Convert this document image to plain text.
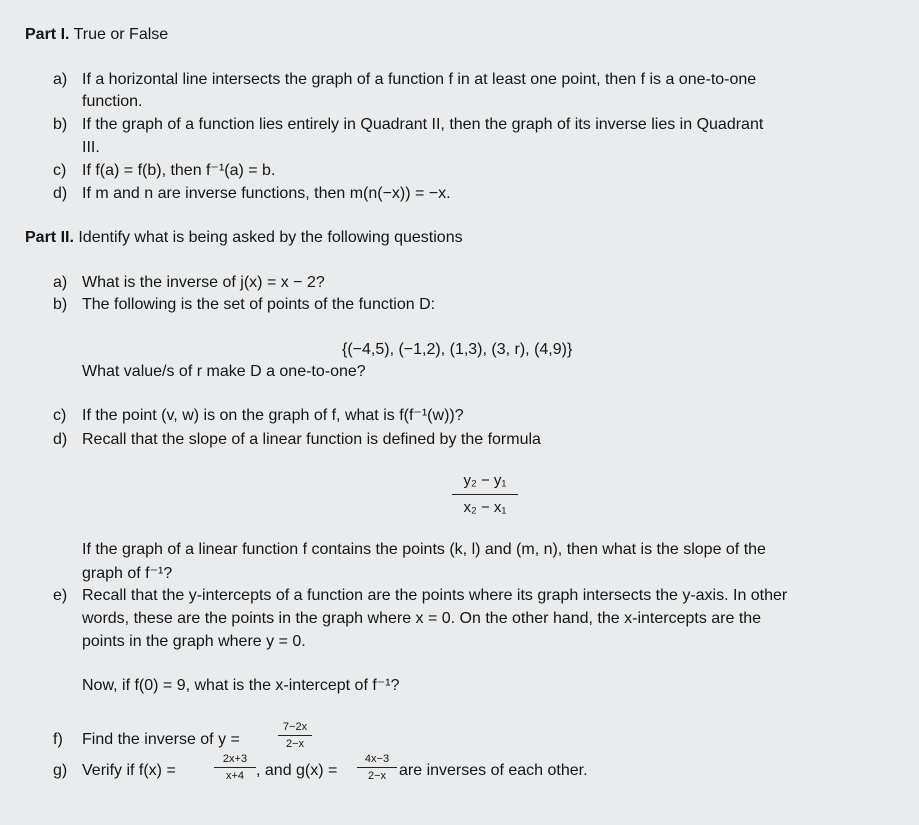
Part I. True or False
a) If a horizontal line intersects the graph of a function f in at least one point, then f is a one-to-one
function.
b) If the graph of a function lies entirely in Quadrant II, then the graph of its inverse lies in Quadrant
III.
c) If f(a) = f(b), then f⁻¹(a) = b.
d) If m and n are inverse functions, then m(n(−x)) = −x.
Part II. Identify what is being asked by the following questions
a) What is the inverse of j(x) = x − 2?
b) The following is the set of points of the function D:
{(−4,5), (−1,2), (1,3), (3, r), (4,9)}
What value/s of r make D a one-to-one?
c) If the point (v, w) is on the graph of f, what is f(f⁻¹(w))?
d) Recall that the slope of a linear function is defined by the formula
y₂ − y₁
x₂ − x₁
If the graph of a linear function f contains the points (k, l) and (m, n), then what is the slope of the
graph of f⁻¹?
e) Recall that the y-intercepts of a function are the points where its graph intersects the y-axis. In other
words, these are the points in the graph where x = 0. On the other hand, the x-intercepts are the
points in the graph where y = 0.
Now, if f(0) = 9, what is the x-intercept of f⁻¹?
f) Find the inverse of y =
7−2x
2−x
g) Verify if f(x) =
2x+3
x+4 , and g(x) =
4x−3
2−x are inverses of each other.
